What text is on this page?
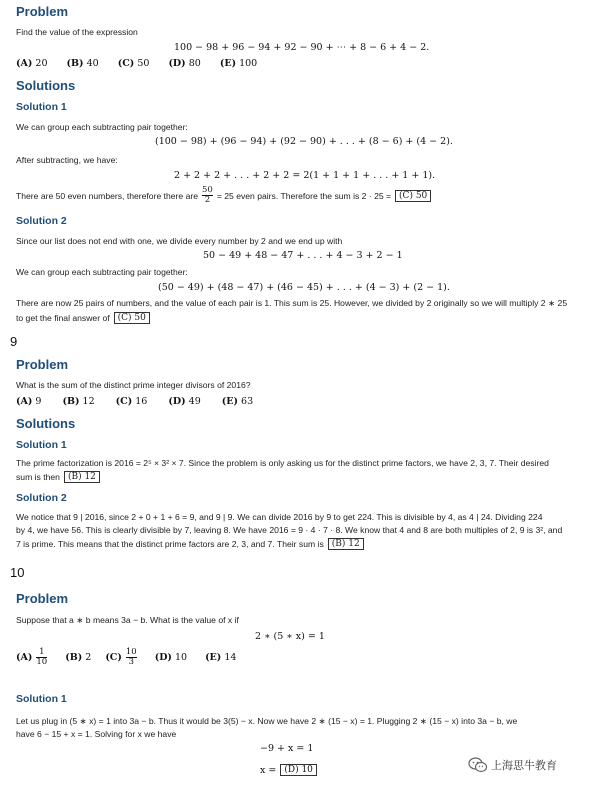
Problem
Find the value of the expression
100 − 98 + 96 − 94 + 92 − 90 + ⋯ + 8 − 6 + 4 − 2.
(A) 20 (B) 40 (C) 50 (D) 80 (E) 100
Solutions
Solution 1
We can group each subtracting pair together:
(100 − 98) + (96 − 94) + (92 − 90) + . . . + (8 − 6) + (4 − 2).
After subtracting, we have:
2 + 2 + 2 + . . . + 2 + 2 = 2(1 + 1 + 1 + . . . + 1 + 1).
There are 50 even numbers, therefore there are $\frac{50}{2} = 25$ even pairs. Therefore the sum is 2 · 25 = (C) 50
Solution 2
Since our list does not end with one, we divide every number by 2 and we end up with
50 − 49 + 48 − 47 + . . . + 4 − 3 + 2 − 1
We can group each subtracting pair together:
(50 − 49) + (48 − 47) + (46 − 45) + . . . + (4 − 3) + (2 − 1).
There are now 25 pairs of numbers, and the value of each pair is 1. This sum is 25. However, we divided by 2 originally so we will multiply 2 ∗ 25
to get the final answer of (C) 50
9
Problem
What is the sum of the distinct prime integer divisors of 2016?
(A) 9 (B) 12 (C) 16 (D) 49 (E) 63
Solutions
Solution 1
The prime factorization is 2016 = 2⁵ × 3² × 7. Since the problem is only asking us for the distinct prime factors, we have 2, 3, 7. Their desired
sum is then (B) 12
Solution 2
We notice that 9 | 2016, since 2 + 0 + 1 + 6 = 9, and 9 | 9. We can divide 2016 by 9 to get 224. This is divisible by 4, as 4 | 24. Dividing 224
by 4, we have 56. This is clearly divisible by 7, leaving 8. We have 2016 = 9 · 4 · 7 · 8. We know that 4 and 8 are both multiples of 2, 9 is 3², and
7 is prime. This means that the distinct prime factors are 2, 3, and 7. Their sum is (B) 12
10
Problem
Suppose that a ∗ b means 3a − b. What is the value of x if
2 ∗ (5 ∗ x) = 1
$(A) \frac{1}{10} (B)$ 2 $(C) \frac{10}{3} (D)$ 10 (E) 14
Solution 1
Let us plug in (5 ∗ x) = 1 into 3a − b. Thus it would be 3(5) − x. Now we have 2 ∗ (15 − x) = 1. Plugging 2 ∗ (15 − x) into 3a − b, we
have 6 − 15 + x = 1. Solving for x we have
−9 + x = 1
x = (D) 10	上海思牛教育
